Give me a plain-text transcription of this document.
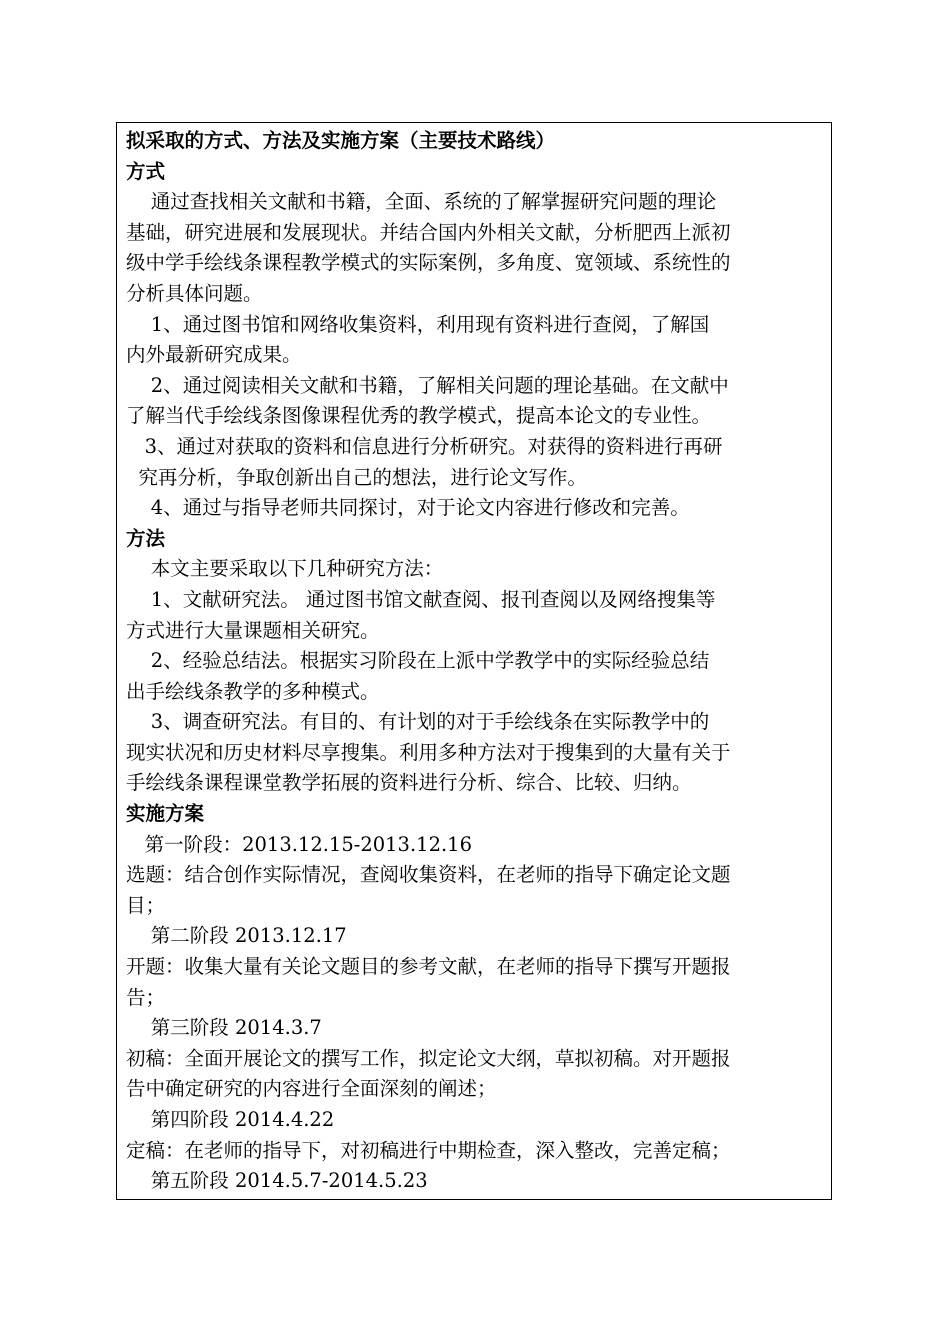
拟采取的方式、方法及实施方案（主要技术路线）
方式
通过查找相关文献和书籍，全面、系统的了解掌握研究问题的理论
基础，研究进展和发展现状。并结合国内外相关文献，分析肥西上派初
级中学手绘线条课程教学模式的实际案例，多角度、宽领域、系统性的
分析具体问题。
1、通过图书馆和网络收集资料，利用现有资料进行查阅，了解国
内外最新研究成果。
2、通过阅读相关文献和书籍，了解相关问题的理论基础。在文献中
了解当代手绘线条图像课程优秀的教学模式，提高本论文的专业性。
3、通过对获取的资料和信息进行分析研究。对获得的资料进行再研
究再分析，争取创新出自己的想法，进行论文写作。
4、通过与指导老师共同探讨，对于论文内容进行修改和完善。
方法
本文主要采取以下几种研究方法：
1、文献研究法。 通过图书馆文献查阅、报刊查阅以及网络搜集等
方式进行大量课题相关研究。
2、经验总结法。根据实习阶段在上派中学教学中的实际经验总结
出手绘线条教学的多种模式。
3、调查研究法。有目的、有计划的对于手绘线条在实际教学中的
现实状况和历史材料尽享搜集。利用多种方法对于搜集到的大量有关于
手绘线条课程课堂教学拓展的资料进行分析、综合、比较、归纳。
实施方案
第一阶段：2013.12.15-2013.12.16
选题：结合创作实际情况，查阅收集资料，在老师的指导下确定论文题
目；
第二阶段 2013.12.17
开题：收集大量有关论文题目的参考文献，在老师的指导下撰写开题报
告；
第三阶段 2014.3.7
初稿：全面开展论文的撰写工作，拟定论文大纲，草拟初稿。对开题报
告中确定研究的内容进行全面深刻的阐述；
第四阶段 2014.4.22
定稿：在老师的指导下，对初稿进行中期检查，深入整改，完善定稿；
第五阶段 2014.5.7-2014.5.23
